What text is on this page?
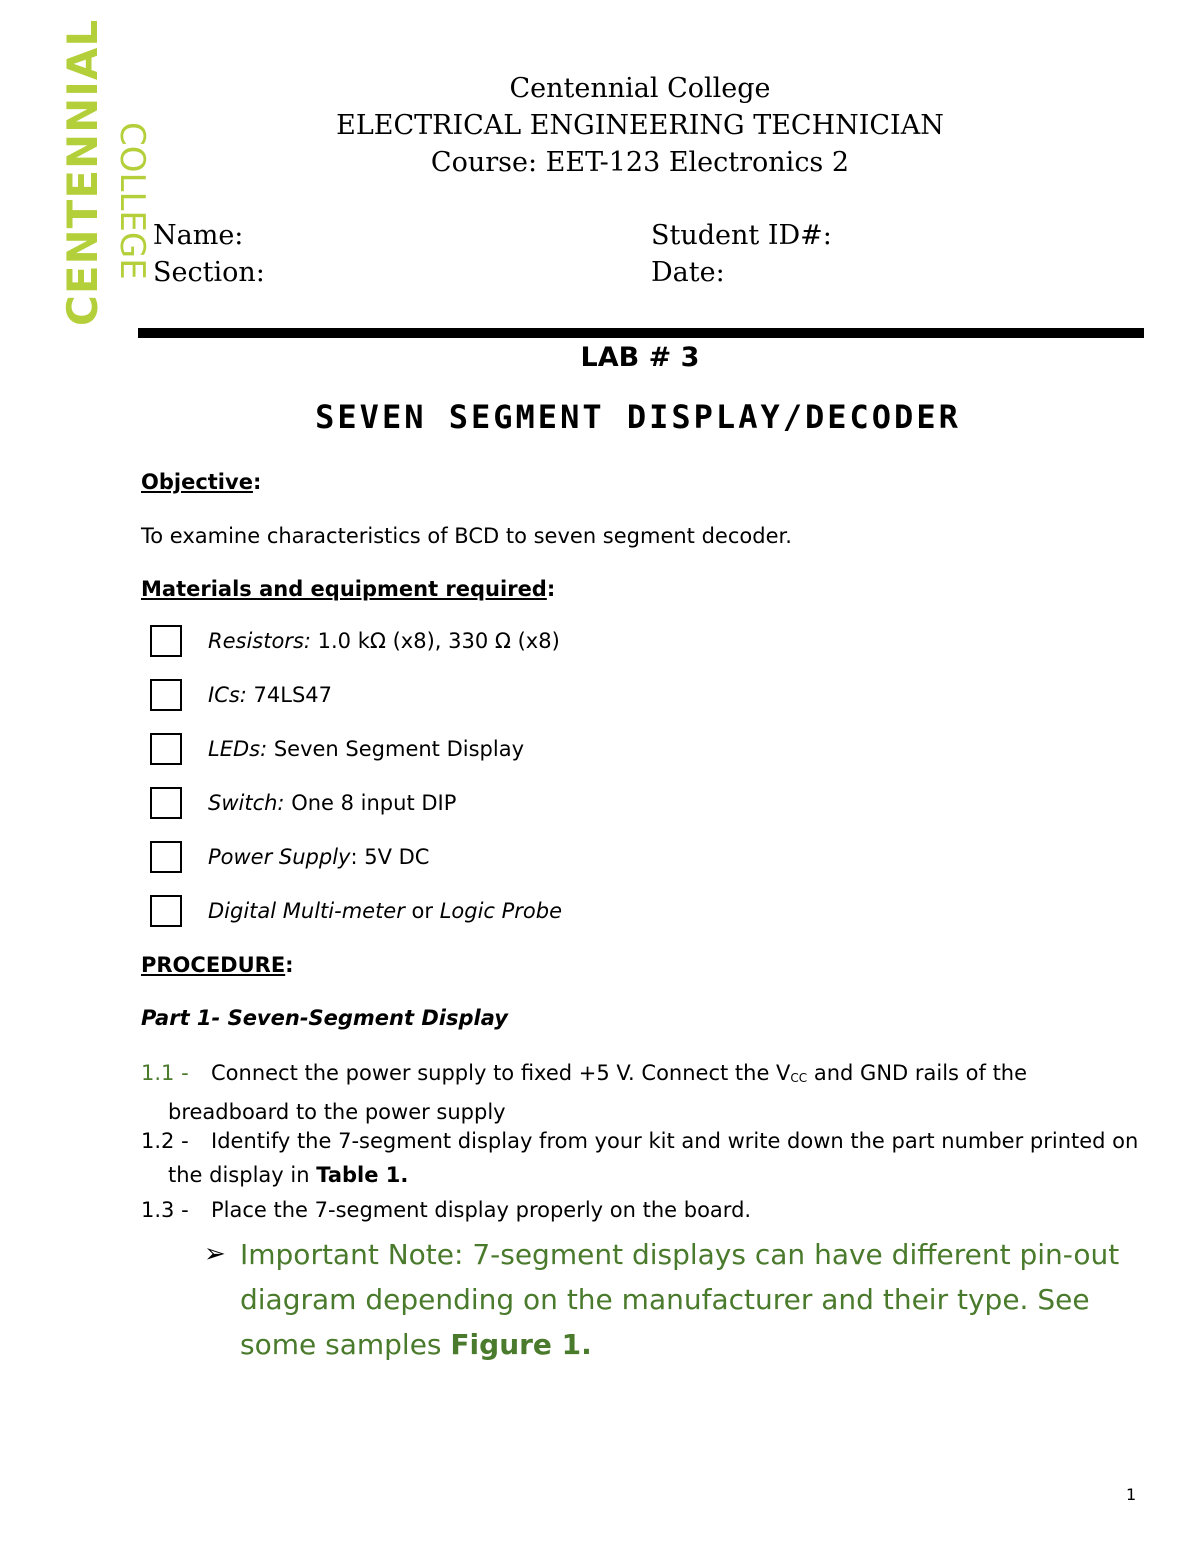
CENTENNIAL COLLEGE
Centennial College
ELECTRICAL ENGINEERING TECHNICIAN
Course: EET-123 Electronics 2
Name:	Student ID#:
Section:	Date:
LAB # 3
SEVEN SEGMENT DISPLAY/DECODER
Objective:
To examine characteristics of BCD to seven segment decoder.
Materials and equipment required:
Resistors: 1.0 kΩ (x8), 330 Ω (x8)
ICs: 74LS47
LEDs: Seven Segment Display
Switch: One 8 input DIP
Power Supply: 5V DC
Digital Multi-meter or Logic Probe
PROCEDURE:
Part 1- Seven-Segment Display
1.1 - Connect the power supply to fixed +5 V. Connect the VCC and GND rails of the
breadboard to the power supply
1.2 - Identify the 7-segment display from your kit and write down the part number printed on
the display in Table 1.
1.3 - Place the 7-segment display properly on the board.
➢ Important Note: 7-segment displays can have different pin-out diagram depending on the manufacturer and their type. See some samples Figure 1.
1
